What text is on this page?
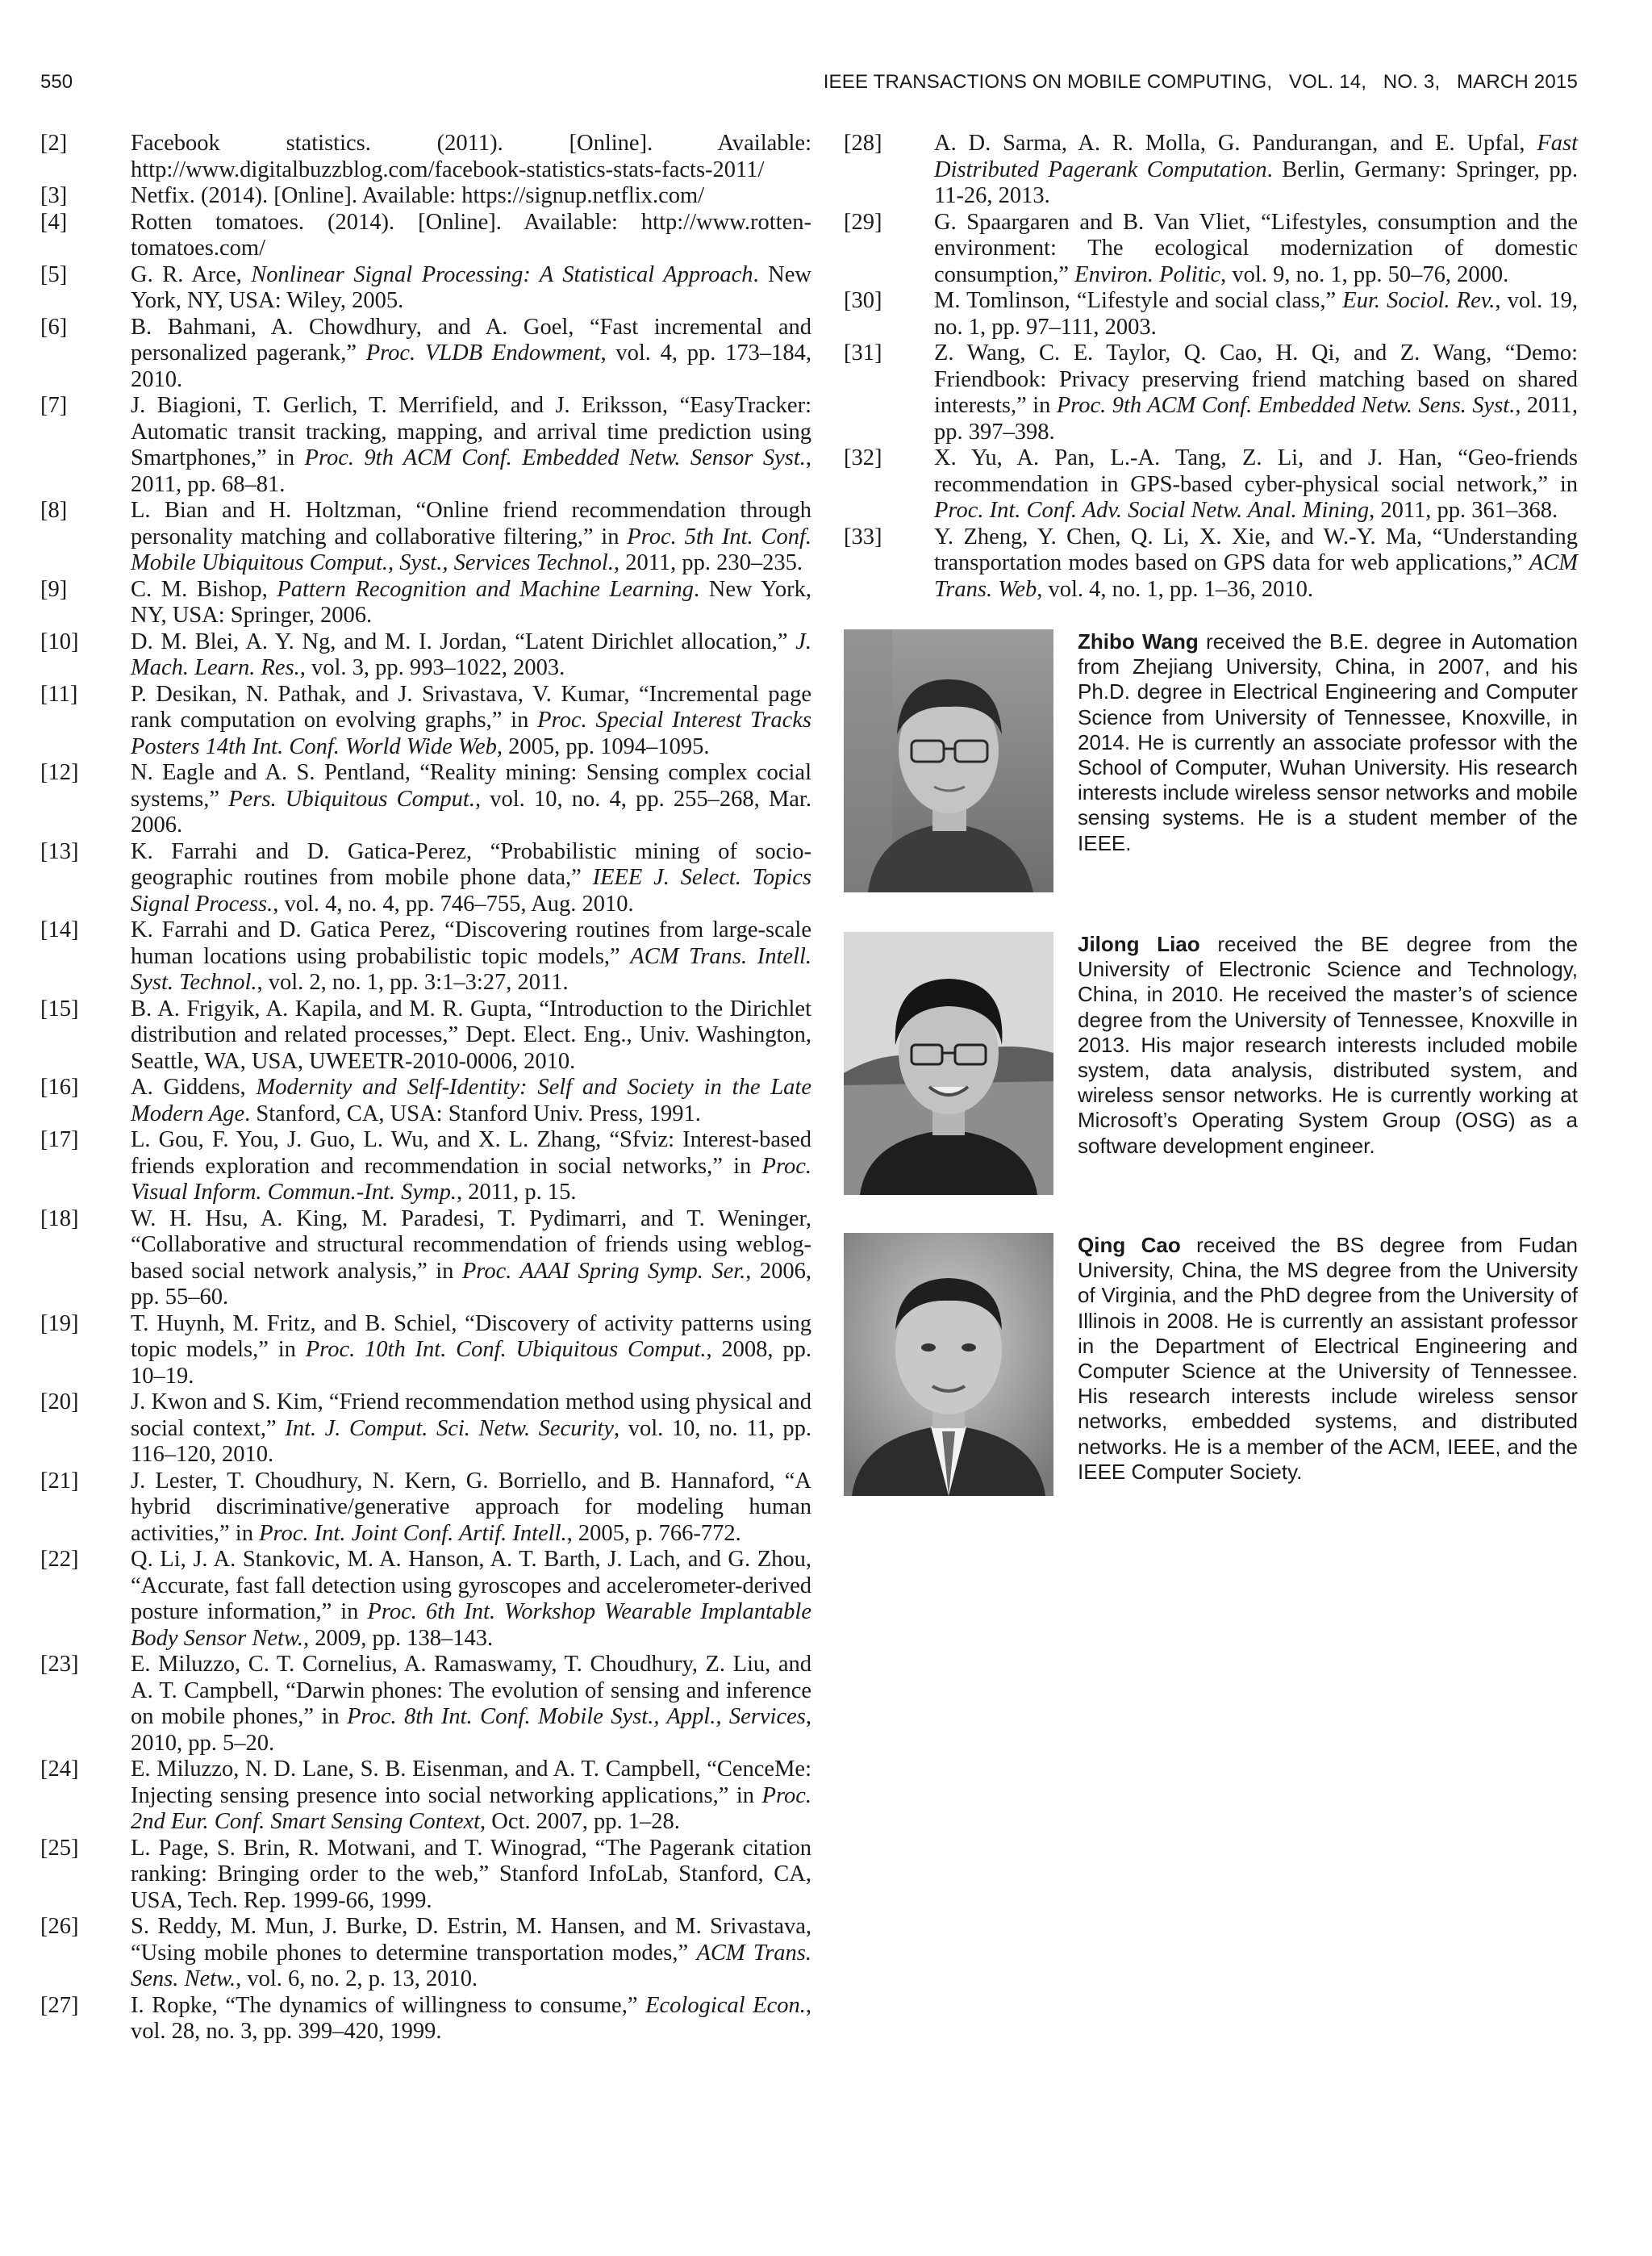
550	IEEE TRANSACTIONS ON MOBILE COMPUTING,   VOL. 14,   NO. 3,   MARCH 2015

[2]	Facebook statistics. (2011). [Online]. Available: http://www.digitalbuzzblog.com/facebook-statistics-stats-facts-2011/

[3]	Netfix. (2014). [Online]. Available: https://signup.netflix.com/

[4]	Rotten tomatoes. (2014). [Online]. Available: http://www.rotten-tomatoes.com/

[5]	G. R. Arce, Nonlinear Signal Processing: A Statistical Approach. New York, NY, USA: Wiley, 2005.

[6]	B. Bahmani, A. Chowdhury, and A. Goel, “Fast incremental and personalized pagerank,” Proc. VLDB Endowment, vol. 4, pp. 173–184, 2010.

[7]	J. Biagioni, T. Gerlich, T. Merrifield, and J. Eriksson, “EasyTracker: Automatic transit tracking, mapping, and arrival time prediction using Smartphones,” in Proc. 9th ACM Conf. Embedded Netw. Sensor Syst., 2011, pp. 68–81.

[8]	L. Bian and H. Holtzman, “Online friend recommendation through personality matching and collaborative filtering,” in Proc. 5th Int. Conf. Mobile Ubiquitous Comput., Syst., Services Technol., 2011, pp. 230–235.

[9]	C. M. Bishop, Pattern Recognition and Machine Learning. New York, NY, USA: Springer, 2006.

[10] D. M. Blei, A. Y. Ng, and M. I. Jordan, “Latent Dirichlet allocation,” J. Mach. Learn. Res., vol. 3, pp. 993–1022, 2003.

[11] P. Desikan, N. Pathak, and J. Srivastava, V. Kumar, “Incremental page rank computation on evolving graphs,” in Proc. Special Interest Tracks Posters 14th Int. Conf. World Wide Web, 2005, pp. 1094–1095.

[12] N. Eagle and A. S. Pentland, “Reality mining: Sensing complex cocial systems,” Pers. Ubiquitous Comput., vol. 10, no. 4, pp. 255–268, Mar. 2006.

[13] K. Farrahi and D. Gatica-Perez, “Probabilistic mining of socio-geographic routines from mobile phone data,” IEEE J. Select. Topics Signal Process., vol. 4, no. 4, pp. 746–755, Aug. 2010.

[14] K. Farrahi and D. Gatica Perez, “Discovering routines from large-scale human locations using probabilistic topic models,” ACM Trans. Intell. Syst. Technol., vol. 2, no. 1, pp. 3:1–3:27, 2011.

[15] B. A. Frigyik, A. Kapila, and M. R. Gupta, “Introduction to the Dirichlet distribution and related processes,” Dept. Elect. Eng., Univ. Washington, Seattle, WA, USA, UWEETR-2010-0006, 2010.

[16] A. Giddens, Modernity and Self-Identity: Self and Society in the Late Modern Age. Stanford, CA, USA: Stanford Univ. Press, 1991.

[17] L. Gou, F. You, J. Guo, L. Wu, and X. L. Zhang, “Sfviz: Interest-based friends exploration and recommendation in social networks,” in Proc. Visual Inform. Commun.-Int. Symp., 2011, p. 15.

[18] W. H. Hsu, A. King, M. Paradesi, T. Pydimarri, and T. Weninger, “Collaborative and structural recommendation of friends using weblog-based social network analysis,” in Proc. AAAI Spring Symp. Ser., 2006, pp. 55–60.

[19] T. Huynh, M. Fritz, and B. Schiel, “Discovery of activity patterns using topic models,” in Proc. 10th Int. Conf. Ubiquitous Comput., 2008, pp. 10–19.

[20] J. Kwon and S. Kim, “Friend recommendation method using physical and social context,” Int. J. Comput. Sci. Netw. Security, vol. 10, no. 11, pp. 116–120, 2010.

[21] J. Lester, T. Choudhury, N. Kern, G. Borriello, and B. Hannaford, “A hybrid discriminative/generative approach for modeling human activities,” in Proc. Int. Joint Conf. Artif. Intell., 2005, p. 766-772.

[22] Q. Li, J. A. Stankovic, M. A. Hanson, A. T. Barth, J. Lach, and G. Zhou, “Accurate, fast fall detection using gyroscopes and accelerometer-derived posture information,” in Proc. 6th Int. Workshop Wearable Implantable Body Sensor Netw., 2009, pp. 138–143.

[23] E. Miluzzo, C. T. Cornelius, A. Ramaswamy, T. Choudhury, Z. Liu, and A. T. Campbell, “Darwin phones: The evolution of sensing and inference on mobile phones,” in Proc. 8th Int. Conf. Mobile Syst., Appl., Services, 2010, pp. 5–20.

[24] E. Miluzzo, N. D. Lane, S. B. Eisenman, and A. T. Campbell, “CenceMe: Injecting sensing presence into social networking applications,” in Proc. 2nd Eur. Conf. Smart Sensing Context, Oct. 2007, pp. 1–28.

[25] L. Page, S. Brin, R. Motwani, and T. Winograd, “The Pagerank citation ranking: Bringing order to the web,” Stanford InfoLab, Stanford, CA, USA, Tech. Rep. 1999-66, 1999.

[26] S. Reddy, M. Mun, J. Burke, D. Estrin, M. Hansen, and M. Srivastava, “Using mobile phones to determine transportation modes,” ACM Trans. Sens. Netw., vol. 6, no. 2, p. 13, 2010.

[27] I. Ropke, “The dynamics of willingness to consume,” Ecological Econ., vol. 28, no. 3, pp. 399–420, 1999.

[28] A. D. Sarma, A. R. Molla, G. Pandurangan, and E. Upfal, Fast Distributed Pagerank Computation. Berlin, Germany: Springer, pp. 11-26, 2013.

[29] G. Spaargaren and B. Van Vliet, “Lifestyles, consumption and the environment: The ecological modernization of domestic consumption,” Environ. Politic, vol. 9, no. 1, pp. 50–76, 2000.

[30] M. Tomlinson, “Lifestyle and social class,” Eur. Sociol. Rev., vol. 19, no. 1, pp. 97–111, 2003.

[31] Z. Wang, C. E. Taylor, Q. Cao, H. Qi, and Z. Wang, “Demo: Friendbook: Privacy preserving friend matching based on shared interests,” in Proc. 9th ACM Conf. Embedded Netw. Sens. Syst., 2011, pp. 397–398.

[32] X. Yu, A. Pan, L.-A. Tang, Z. Li, and J. Han, “Geo-friends recommendation in GPS-based cyber-physical social network,” in Proc. Int. Conf. Adv. Social Netw. Anal. Mining, 2011, pp. 361–368.

[33] Y. Zheng, Y. Chen, Q. Li, X. Xie, and W.-Y. Ma, “Understanding transportation modes based on GPS data for web applications,” ACM Trans. Web, vol. 4, no. 1, pp. 1–36, 2010.

Zhibo Wang received the B.E. degree in Automation from Zhejiang University, China, in 2007, and his Ph.D. degree in Electrical Engineering and Computer Science from University of Tennessee, Knoxville, in 2014. He is currently an associate professor with the School of Computer, Wuhan University. His research interests include wireless sensor networks and mobile sensing systems. He is a student member of the IEEE.
Jilong Liao received the BE degree from the University of Electronic Science and Technology, China, in 2010. He received the master’s of science degree from the University of Tennessee, Knoxville in 2013. His major research interests included mobile system, data analysis, distributed system, and wireless sensor networks. He is currently working at Microsoft’s Operating System Group (OSG) as a software development engineer.
Qing Cao received the BS degree from Fudan University, China, the MS degree from the University of Virginia, and the PhD degree from the University of Illinois in 2008. He is currently an assistant professor in the Department of Electrical Engineering and Computer Science at the University of Tennessee. His research interests include wireless sensor networks, embedded systems, and distributed networks. He is a member of the ACM, IEEE, and the IEEE Computer Society.
